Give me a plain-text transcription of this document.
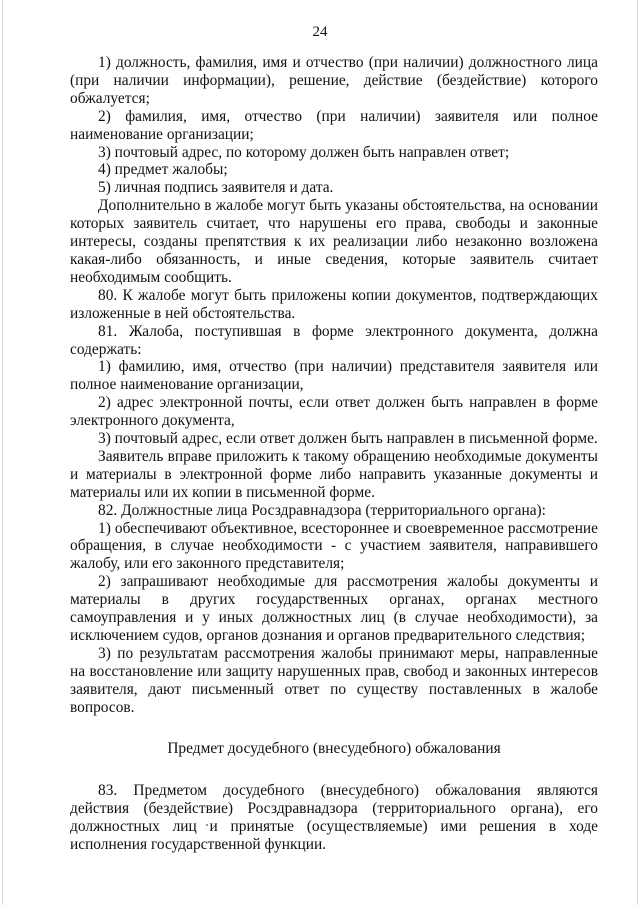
24

1) должность, фамилия, имя и отчество (при наличии) должностного лица (при наличии информации), решение, действие (бездействие) которого обжалуется;

2) фамилия, имя, отчество (при наличии) заявителя или полное наименование организации;

3) почтовый адрес, по которому должен быть направлен ответ;

4) предмет жалобы;

5) личная подпись заявителя и дата.

Дополнительно в жалобе могут быть указаны обстоятельства, на основании которых заявитель считает, что нарушены его права, свободы и законные интересы, созданы препятствия к их реализации либо незаконно возложена какая-либо обязанность, и иные сведения, которые заявитель считает необходимым сообщить.

80. К жалобе могут быть приложены копии документов, подтверждающих изложенные в ней обстоятельства.

81. Жалоба, поступившая в форме электронного документа, должна содержать:

1) фамилию, имя, отчество (при наличии) представителя заявителя или полное наименование организации,

2) адрес электронной почты, если ответ должен быть направлен в форме электронного документа,

3) почтовый адрес, если ответ должен быть направлен в письменной форме.

Заявитель вправе приложить к такому обращению необходимые документы и материалы в электронной форме либо направить указанные документы и материалы или их копии в письменной форме.

82. Должностные лица Росздравнадзора (территориального органа):

1) обеспечивают объективное, всестороннее и своевременное рассмотрение обращения, в случае необходимости - с участием заявителя, направившего жалобу, или его законного представителя;

2) запрашивают необходимые для рассмотрения жалобы документы и материалы в других государственных органах, органах местного самоуправления и у иных должностных лиц (в случае необходимости), за исключением судов, органов дознания и органов предварительного следствия;

3) по результатам рассмотрения жалобы принимают меры, направленные на восстановление или защиту нарушенных прав, свобод и законных интересов заявителя, дают письменный ответ по существу поставленных в жалобе вопросов.

Предмет досудебного (внесудебного) обжалования

83. Предметом досудебного (внесудебного) обжалования являются действия (бездействие) Росздравнадзора (территориального органа), его должностных лиц и принятые (осуществляемые) ими решения в ходе исполнения государственной функции.
